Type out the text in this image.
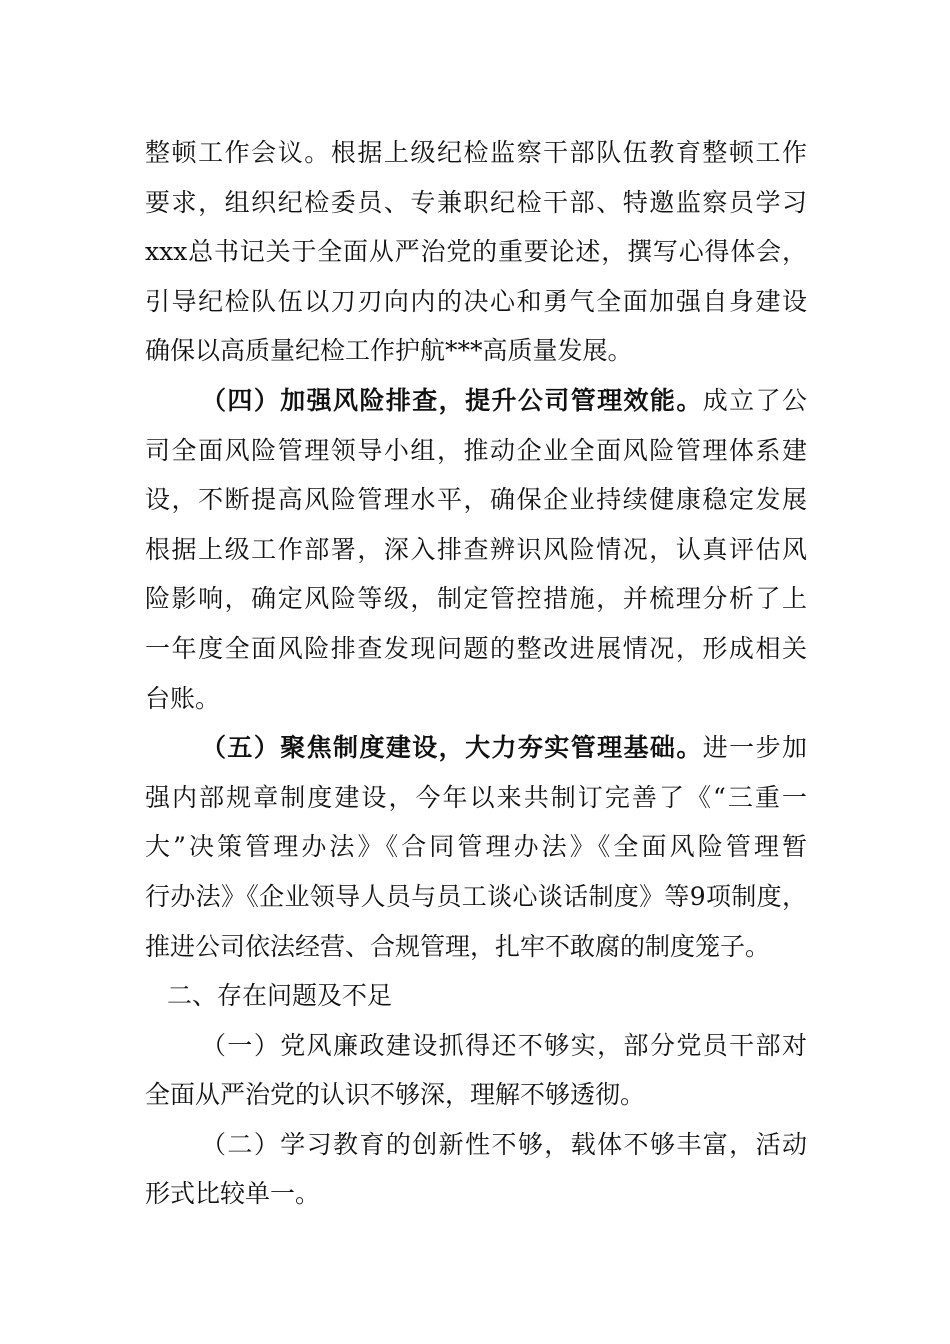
整顿工作会议。根据上级纪检监察干部队伍教育整顿工作
要求，组织纪检委员、专兼职纪检干部、特邀监察员学习
xxx总书记关于全面从严治党的重要论述，撰写心得体会，
引导纪检队伍以刀刃向内的决心和勇气全面加强自身建设
确保以高质量纪检工作护航***高质量发展。
（四）加强风险排查，提升公司管理效能。成立了公
司全面风险管理领导小组，推动企业全面风险管理体系建
设，不断提高风险管理水平，确保企业持续健康稳定发展
根据上级工作部署，深入排查辨识风险情况，认真评估风
险影响，确定风险等级，制定管控措施，并梳理分析了上
一年度全面风险排查发现问题的整改进展情况，形成相关
台账。
（五）聚焦制度建设，大力夯实管理基础。进一步加
强内部规章制度建设，今年以来共制订完善了《“三重一
大”决策管理办法》《合同管理办法》《全面风险管理暂
行办法》《企业领导人员与员工谈心谈话制度》等9项制度，
推进公司依法经营、合规管理，扎牢不敢腐的制度笼子。
二、存在问题及不足
（一）党风廉政建设抓得还不够实，部分党员干部对
全面从严治党的认识不够深，理解不够透彻。
（二）学习教育的创新性不够，载体不够丰富，活动
形式比较单一。
